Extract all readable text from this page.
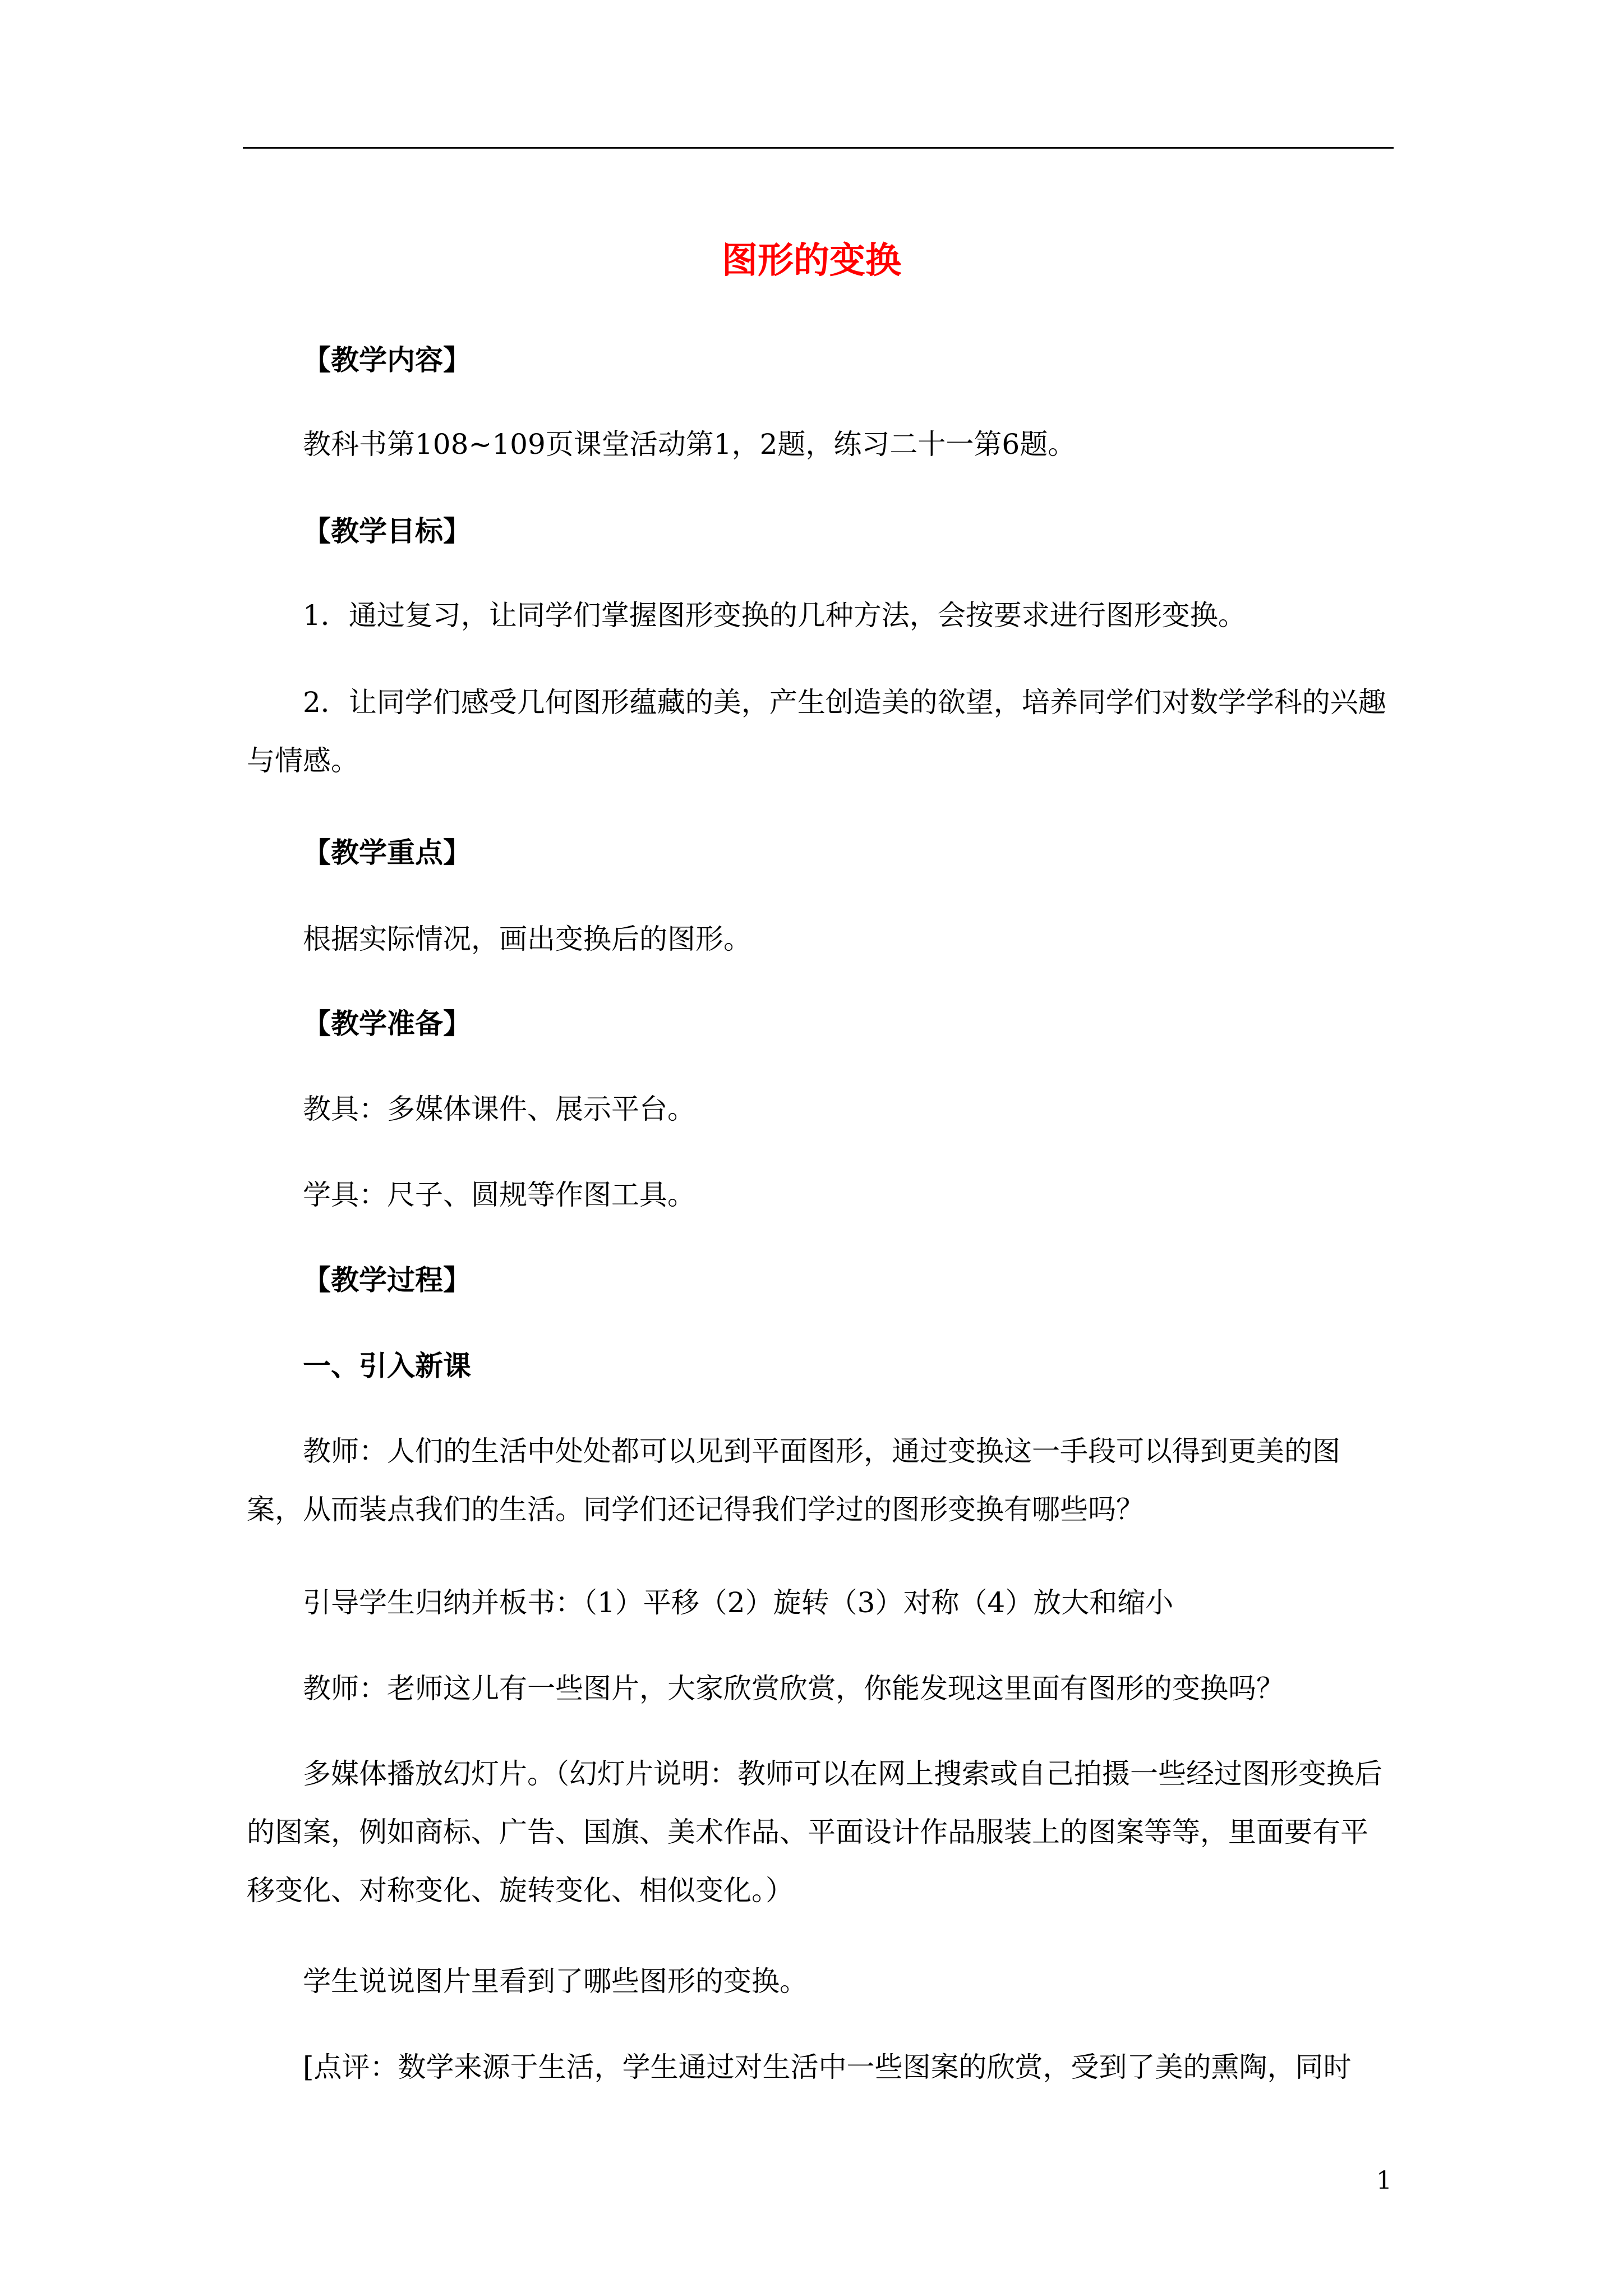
图形的变换

【教学内容】

教科书第108~109页课堂活动第1，2题，练习二十一第6题。

【教学目标】

1．通过复习，让同学们掌握图形变换的几种方法，会按要求进行图形变换。

2．让同学们感受几何图形蕴藏的美，产生创造美的欲望，培养同学们对数学学科的兴趣与情感。

【教学重点】

根据实际情况，画出变换后的图形。

【教学准备】

教具：多媒体课件、展示平台。

学具：尺子、圆规等作图工具。

【教学过程】

一、引入新课

教师：人们的生活中处处都可以见到平面图形，通过变换这一手段可以得到更美的图案，从而装点我们的生活。同学们还记得我们学过的图形变换有哪些吗？

引导学生归纳并板书：（1）平移（2）旋转（3）对称（4）放大和缩小

教师：老师这儿有一些图片，大家欣赏欣赏，你能发现这里面有图形的变换吗？

多媒体播放幻灯片。（幻灯片说明：教师可以在网上搜索或自己拍摄一些经过图形变换后的图案，例如商标、广告、国旗、美术作品、平面设计作品服装上的图案等等，里面要有平移变化、对称变化、旋转变化、相似变化。）

学生说说图片里看到了哪些图形的变换。

[点评：数学来源于生活，学生通过对生活中一些图案的欣赏，受到了美的熏陶，同时

1
